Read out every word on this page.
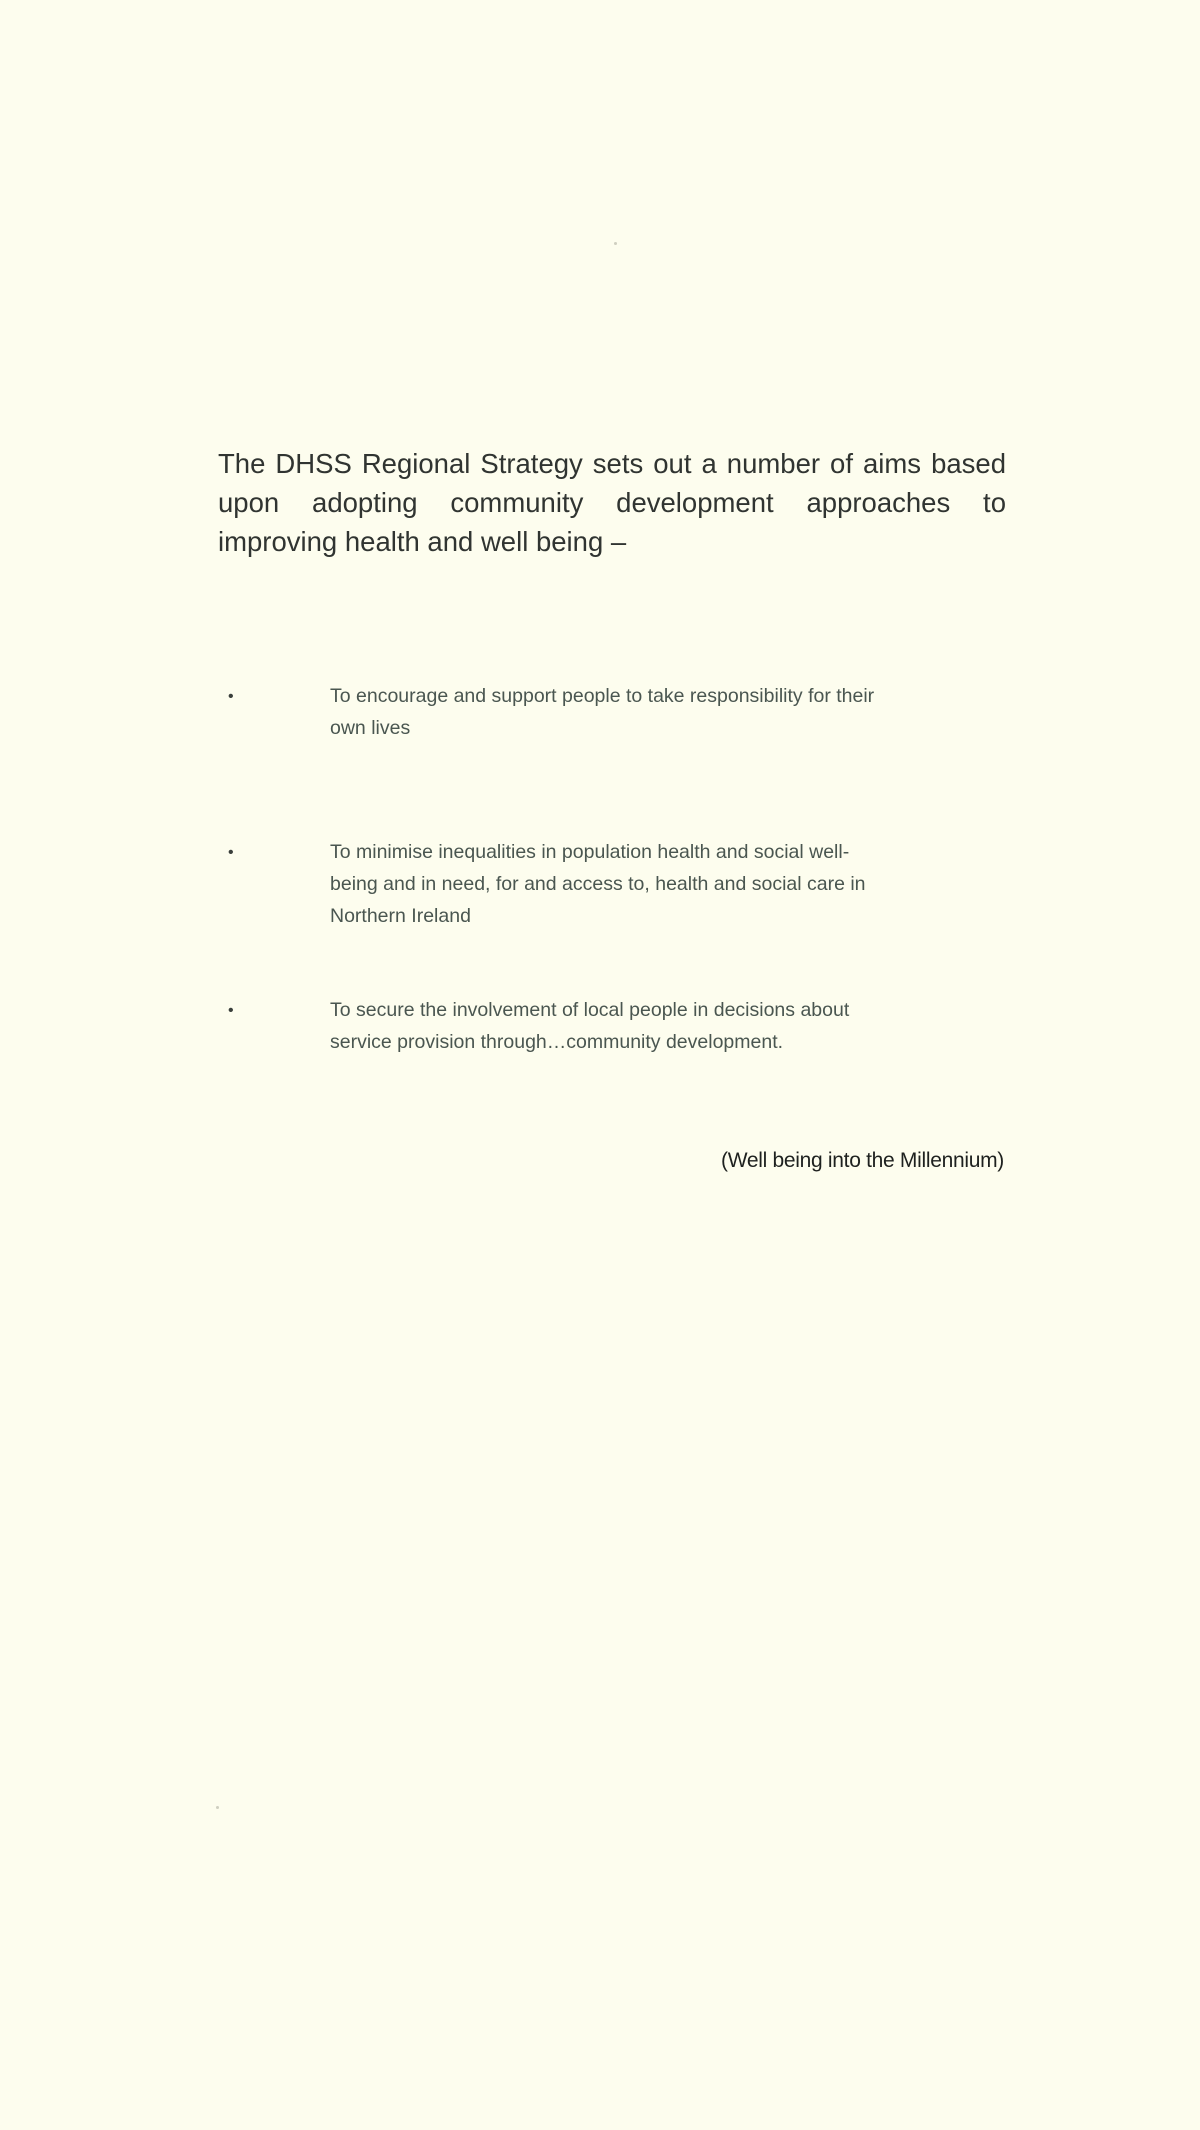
The DHSS Regional Strategy sets out a number of aims based upon adopting community development approaches to improving health and well being –

•	To encourage and support people to take responsibility for their own lives
•	To minimise inequalities in population health and social well-being and in need, for and access to, health and social care in Northern Ireland
•	To secure the involvement of local people in decisions about service provision through…community development.
(Well being into the Millennium)
